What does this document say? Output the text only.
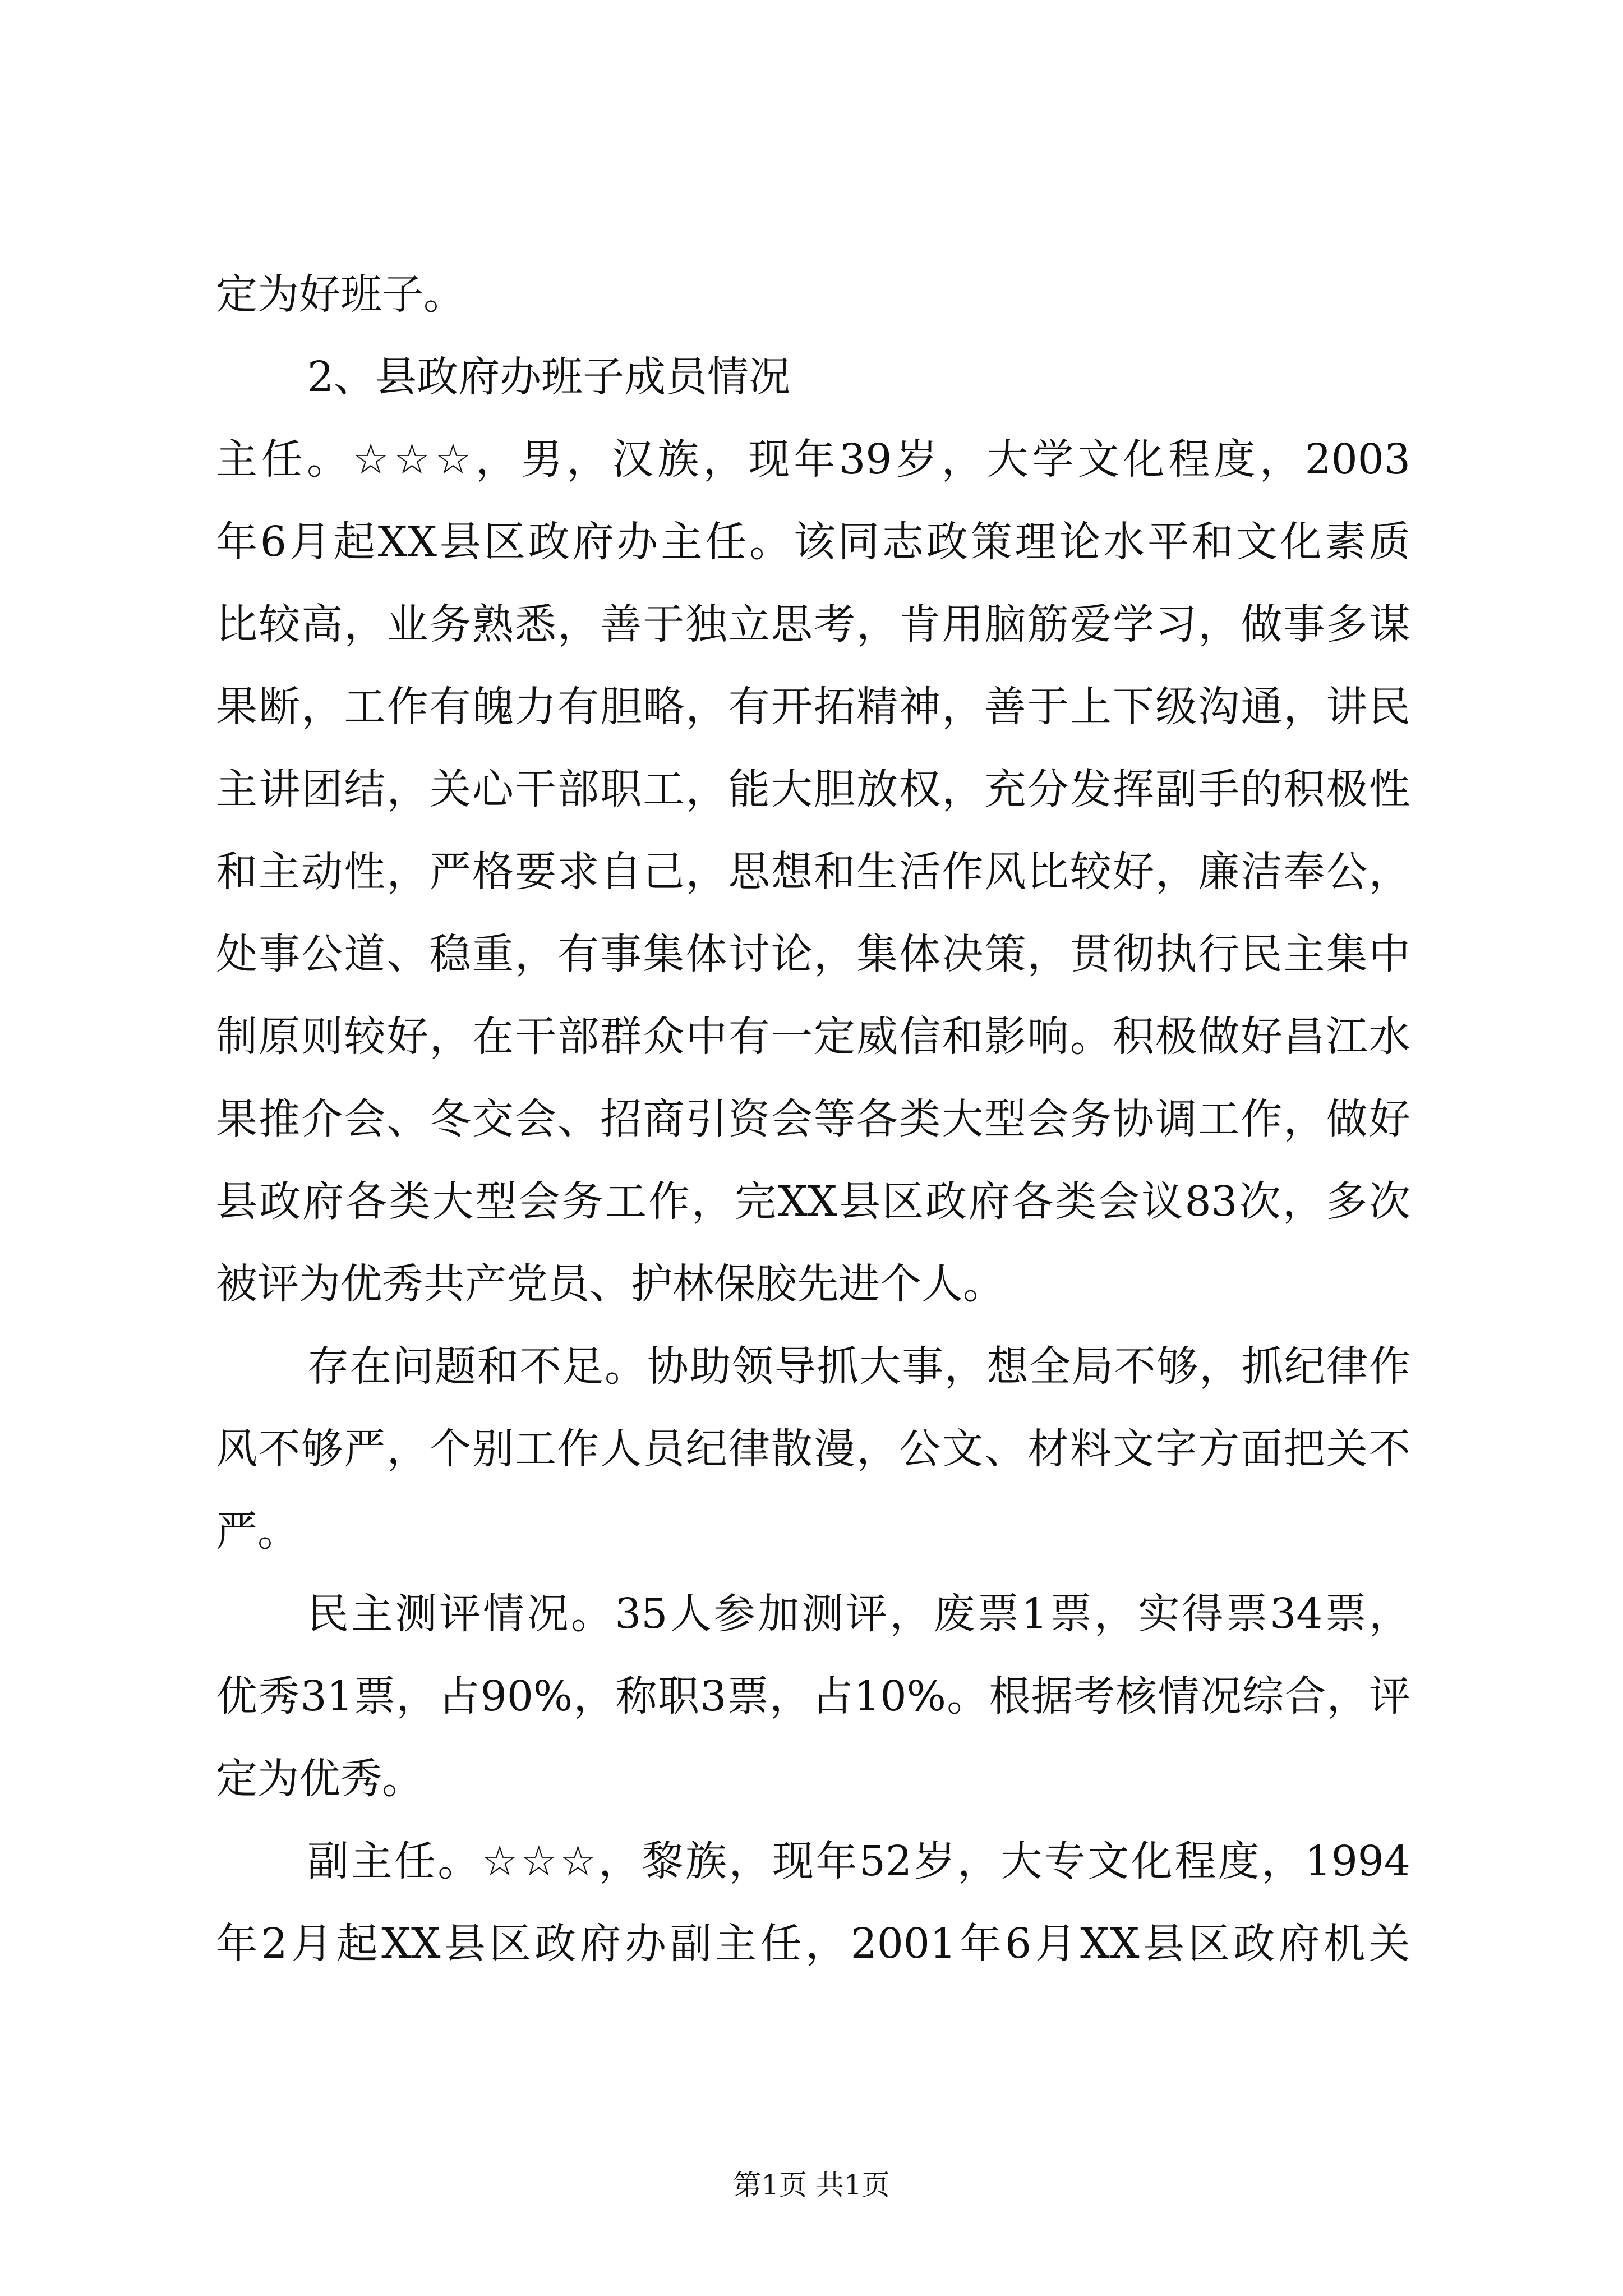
定为好班子。
2、县政府办班子成员情况
主 任 。 ☆ ☆ ☆ ， 男 ， 汉 族 ， 现 年 39 岁 ， 大 学 文 化 程 度 ， 2003
年 6 月 起 XX 县 区 政 府 办 主 任 。 该 同 志 政 策 理 论 水 平 和 文 化 素 质
比 较 高 ， 业 务 熟 悉 ， 善 于 独 立 思 考 ， 肯 用 脑 筋 爱 学 习 ， 做 事 多 谋
果 断 ， 工 作 有 魄 力 有 胆 略 ， 有 开 拓 精 神 ， 善 于 上 下 级 沟 通 ， 讲 民
主 讲 团 结 ， 关 心 干 部 职 工 ， 能 大 胆 放 权 ， 充 分 发 挥 副 手 的 积 极 性
和 主 动 性 ， 严 格 要 求 自 己 ， 思 想 和 生 活 作 风 比 较 好 ， 廉 洁 奉 公 ，
处 事 公 道 、 稳 重 ， 有 事 集 体 讨 论 ， 集 体 决 策 ， 贯 彻 执 行 民 主 集 中
制 原 则 较 好 ， 在 干 部 群 众 中 有 一 定 威 信 和 影 响 。 积 极 做 好 昌 江 水
果 推 介 会 、 冬 交 会 、 招 商 引 资 会 等 各 类 大 型 会 务 协 调 工 作 ， 做 好
县 政 府 各 类 大 型 会 务 工 作 ， 完 XX 县 区 政 府 各 类 会 议 83 次 ， 多 次
被评为优秀共产党员、护林保胶先进个人。
存 在 问 题 和 不 足 。 协 助 领 导 抓 大 事 ， 想 全 局 不 够 ， 抓 纪 律 作
风 不 够 严 ， 个 别 工 作 人 员 纪 律 散 漫 ， 公 文 、 材 料 文 字 方 面 把 关 不
严。
民 主 测 评 情 况 。 35 人 参 加 测 评 ， 废 票 1 票 ， 实 得 票 34 票 ，
优 秀 31 票 ， 占 90% ， 称 职 3 票 ， 占 10% 。 根 据 考 核 情 况 综 合 ， 评
定为优秀。
副 主 任 。 ☆ ☆ ☆ ， 黎 族 ， 现 年 52 岁 ， 大 专 文 化 程 度 ， 1994
年 2 月 起 XX 县 区 政 府 办 副 主 任 ， 2001 年 6 月 XX 县 区 政 府 机 关
第1页 共1页
